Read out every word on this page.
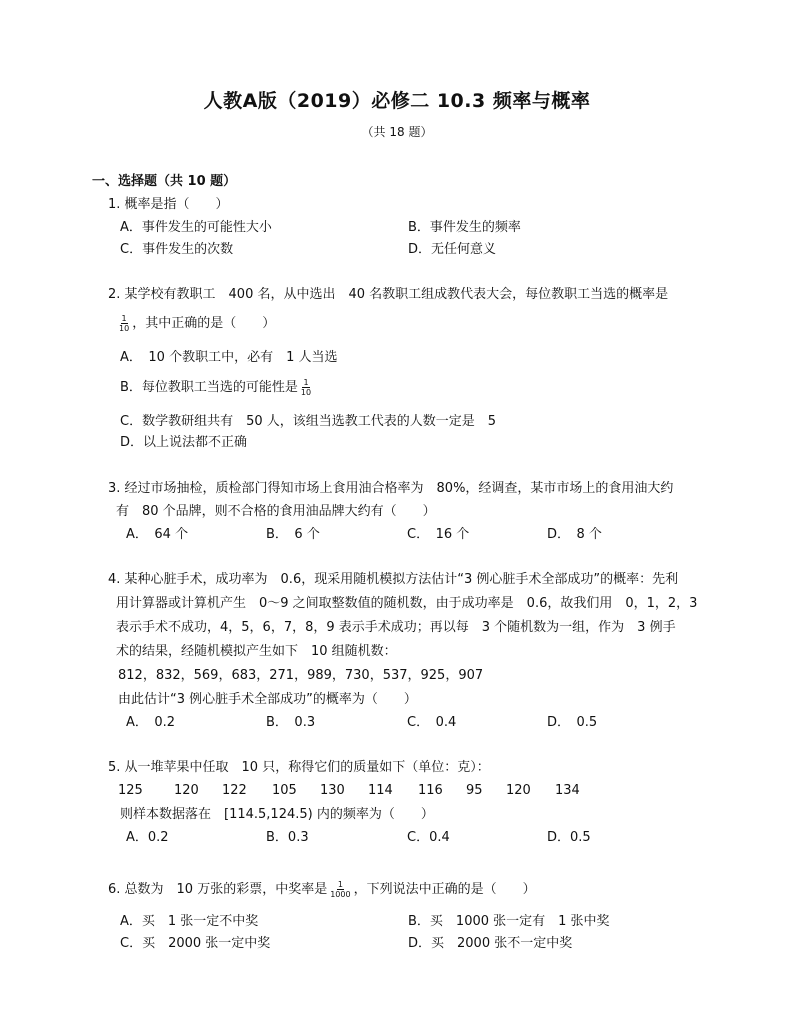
人教A版（2019）必修二 10.3 频率与概率
（共 18 题）
一、选择题（共 10 题）
1. 概率是指（　　）
A．事件发生的可能性大小	B．事件发生的频率
C．事件发生的次数	D．无任何意义
2. 某学校有教职工　400 名，从中选出　40 名教职工组成教代表大会，每位教职工当选的概率是
$\frac{1}{10}$ ，其中正确的是（　　）
A．　10 个教职工中，必有　1 人当选
B．每位教职工当选的可能性是 $\frac{1}{10}$
C．数学教研组共有　50 人，该组当选教工代表的人数一定是　5
D．以上说法都不正确
3. 经过市场抽检，质检部门得知市场上食用油合格率为　80%，经调查，某市市场上的食用油大约
有　80 个品牌，则不合格的食用油品牌大约有（　　）
A．　64 个	B．　6 个	C．　16 个	D．　8 个
4. 某种心脏手术，成功率为　0.6，现采用随机模拟方法估计“3 例心脏手术全部成功”的概率：先利
用计算器或计算机产生　0～9 之间取整数值的随机数，由于成功率是　0.6，故我们用　0，1，2，3
表示手术不成功，4，5，6，7，8，9 表示手术成功；再以每　3 个随机数为一组，作为　3 例手
术的结果，经随机模拟产生如下　10 组随机数：
812，832，569，683，271，989，730，537，925，907
由此估计“3 例心脏手术全部成功”的概率为（　　）
A．　0.2	B．　0.3	C．　0.4	D．　0.5
5. 从一堆苹果中任取　10 只，称得它们的质量如下（单位：克）：
125 120 122 105 130 114 116 95 120 134
则样本数据落在　[114.5,124.5) 内的频率为（　　）
A．0.2	B．0.3	C．0.4	D．0.5
6. 总数为　10 万张的彩票，中奖率是 $\frac{1}{1000}$ ，下列说法中正确的是（　　）
A．买　1 张一定不中奖	B．买　1000 张一定有　1 张中奖
C．买　2000 张一定中奖	D．买　2000 张不一定中奖
